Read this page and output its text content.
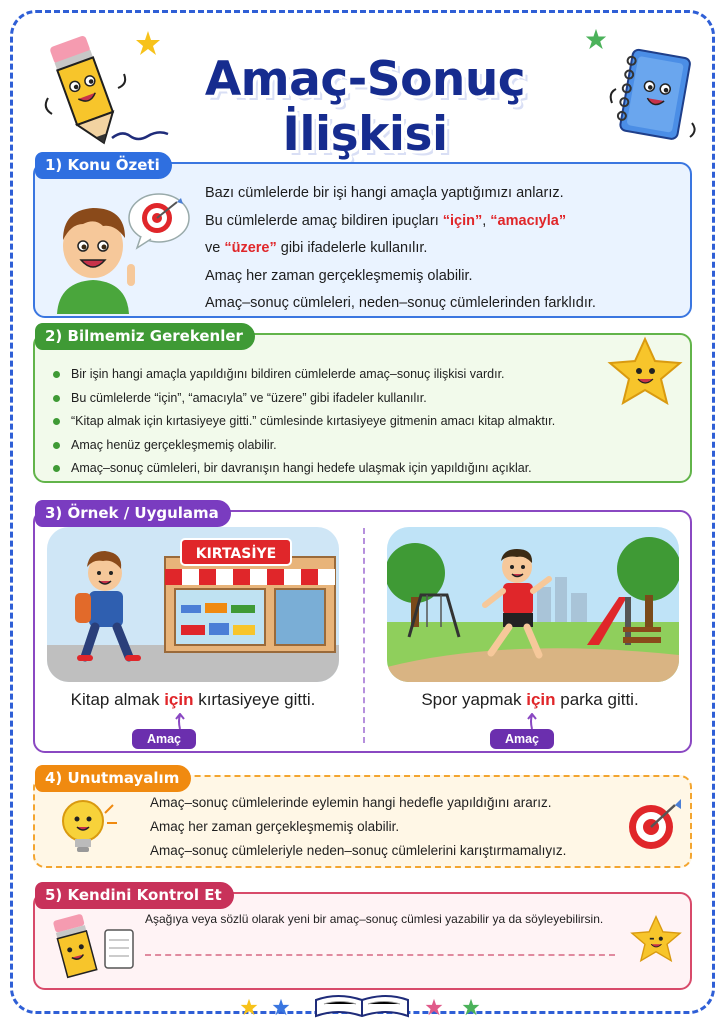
Amaç-Sonuç İlişkisi
1) Konu Özeti

Bazı cümlelerde bir işi hangi amaçla yaptığımızı anlarız.

Bu cümlelerde amaç bildiren ipuçları “için”, “amacıyla”

ve “üzere” gibi ifadelerle kullanılır.

Amaç her zaman gerçekleşmemiş olabilir.

Amaç–sonuç cümleleri, neden–sonuç cümlelerinden farklıdır.

2) Bilmemiz Gerekenler
Bir işin hangi amaçla yapıldığını bildiren cümlelerde amaç–sonuç ilişkisi vardır.
Bu cümlelerde “için”, “amacıyla” ve “üzere” gibi ifadeler kullanılır.
“Kitap almak için kırtasiyeye gitti.” cümlesinde kırtasiyeye gitmenin amacı kitap almaktır.
Amaç henüz gerçekleşmemiş olabilir.
Amaç–sonuç cümleleri, bir davranışın hangi hedefe ulaşmak için yapıldığını açıklar.
3) Örnek / Uygulama
KIRTASİYE
Kitap almak için kırtasiyeye gitti.
Amaç
Spor yapmak için parka gitti.
Amaç
4) Unutmayalım

Amaç–sonuç cümlelerinde eylemin hangi hedefle yapıldığını ararız.

Amaç her zaman gerçekleşmemiş olabilir.

Amaç–sonuç cümleleriyle neden–sonuç cümlelerini karıştırmamalıyız.

5) Kendini Kontrol Et
Aşağıya veya sözlü olarak yeni bir amaç–sonuç cümlesi yazabilir ya da söyleyebilirsin.
